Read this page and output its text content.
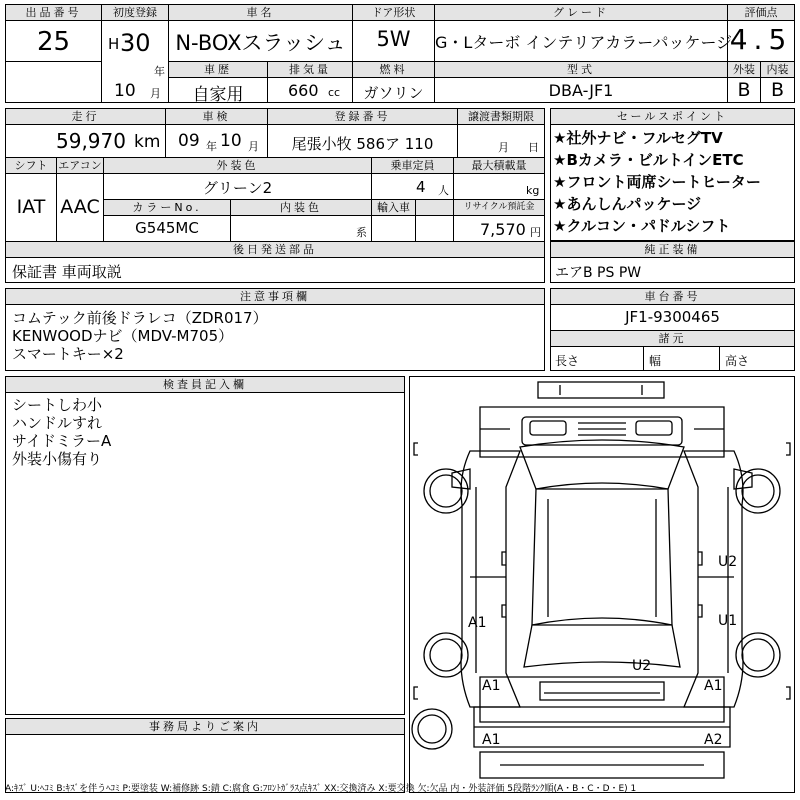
出品番号
25
初度登録
H 30
年
10 月
車名
N-BOXスラッシュ
ドア形状
5W
グレード
G・Lターボ インテリアカラーパッケージ
評価点
4.5
車歴
自家用
排気量
660 cc
燃料
ガソリン
型式
DBA-JF1
外装
B
内装
B
走行
59,970 km
車検
09 年 10 月
登録番号
尾張小牧 586ア 110
譲渡書類期限
月 日
シフト
IAT
エアコン
AAC
外装色
グリーン2
乗車定員
4 人
最大積載量
kg
カラーNo.
G545MC
内装色
系
輸入車	リサイクル預託金
7,570 円
後日発送部品
保証書 車両取説
セールスポイント
★社外ナビ・フルセグTV
★Bカメラ・ビルトインETC
★フロント両席シートヒーター
★あんしんパッケージ
★クルコン・パドルシフト
純正装備
エアB PS PW
注意事項欄
コムテック前後ドラレコ（ZDR017）
KENWOODナビ（MDV-M705）
スマートキー×2
車台番号
JF1-9300465
諸元
長さ	幅	高さ
検査員記入欄
シートしわ小
ハンドルすれ
サイドミラーA
外装小傷有り
事務局よりご案内
A1
U2
U1
U2
A1	A1
A1	A2
A:ｷｽﾞ U:ﾍｺﾐ B:ｷｽﾞを伴うﾍｺﾐ P:要塗装 W:補修跡 S:錆 C:腐食 G:ﾌﾛﾝﾄｶﾞﾗｽ点ｷｽﾞ XX:交換済み X:要交換 欠:欠品 内・外装評価 5段階ﾗﾝｸ順(A・B・C・D・E) 1
